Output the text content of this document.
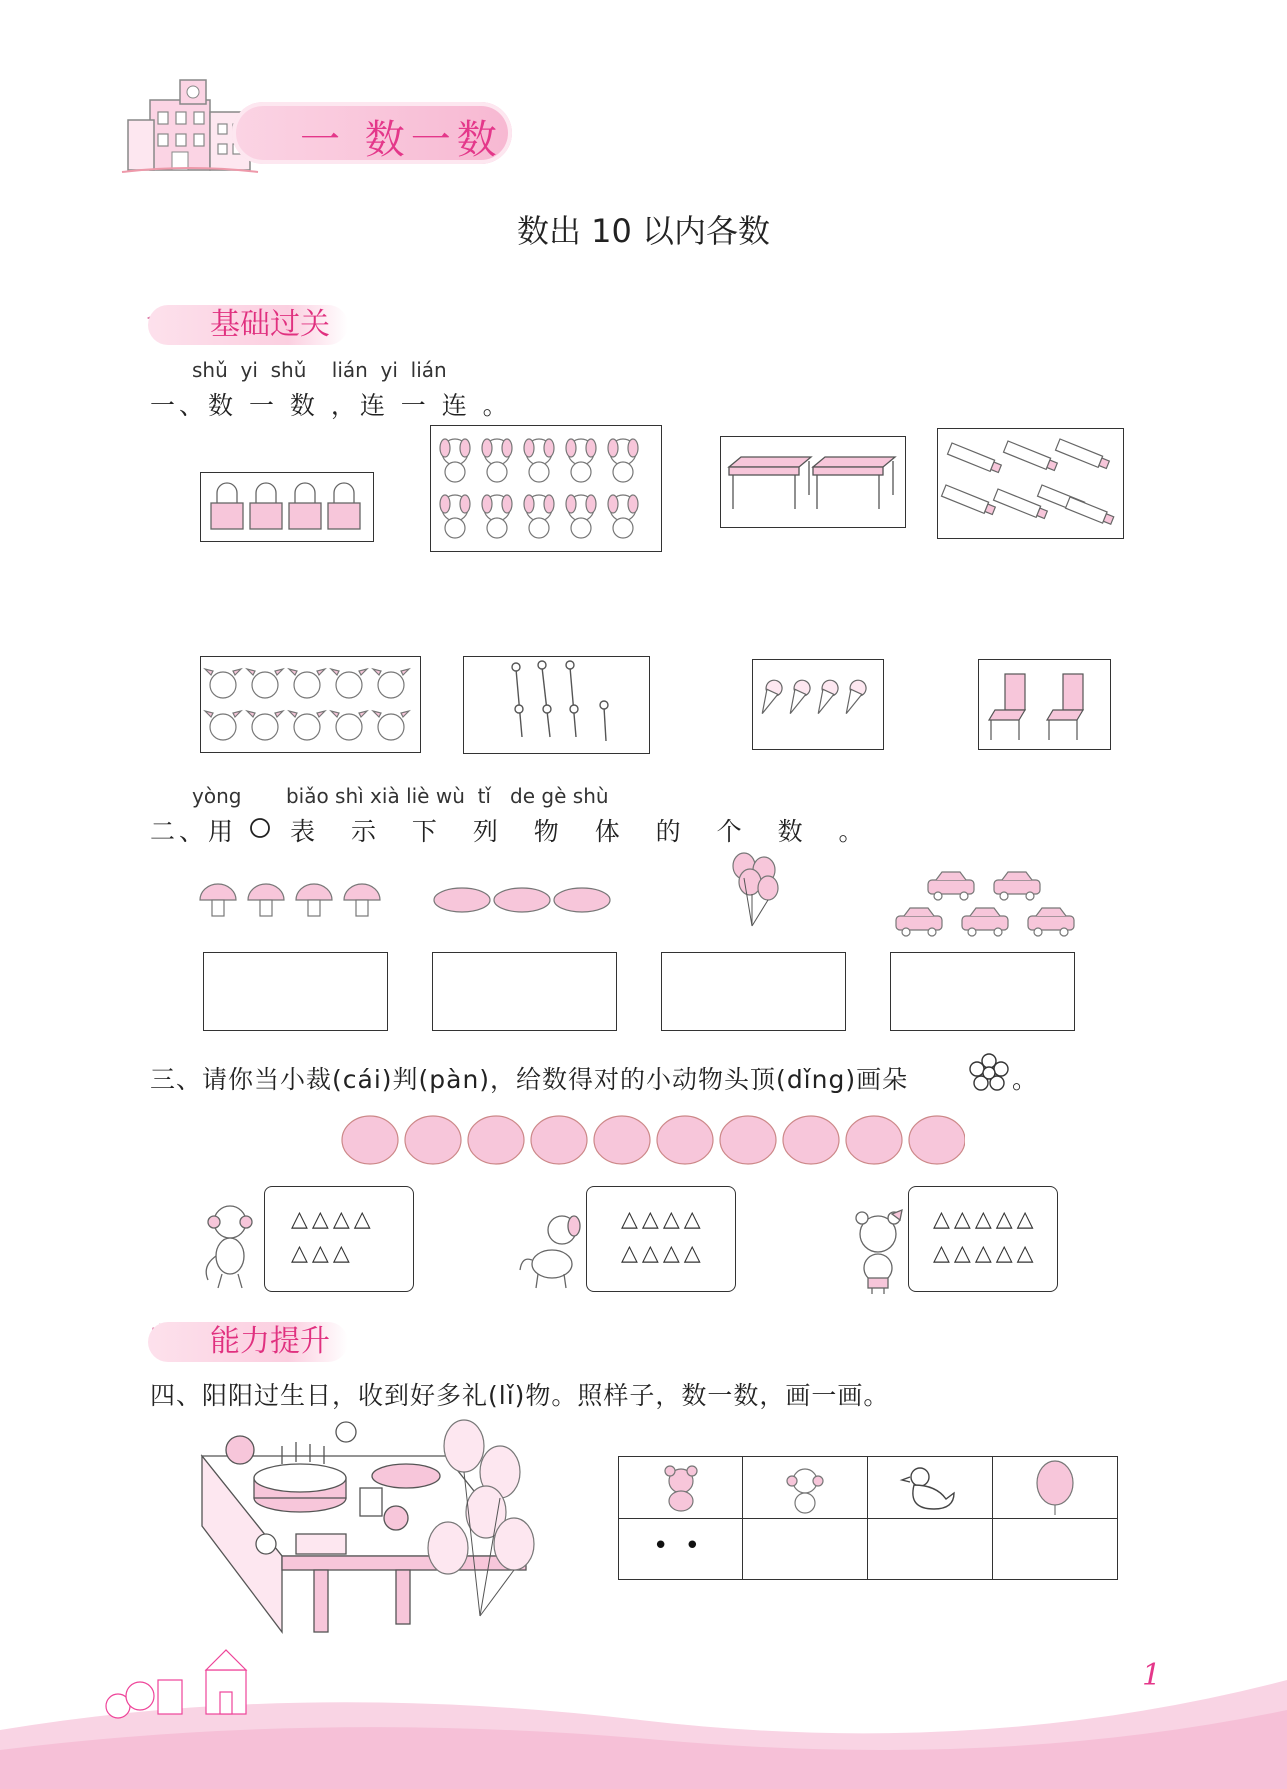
一 数一数
数出 10 以内各数
基础过关
shǔ  yi  shǔ    lián  yi  lián
一、数 一 数 ，连 一 连 。
yòng       biǎo shì xià liè wù  tǐ   de gè shù
二、用 表 示 下 列 物 体 的 个 数 。
三、请你当小裁(cái)判(pàn)，给数得对的小动物头顶(dǐng)画朵	。
△△△△
△△△
△△△△
△△△△
△△△△△
△△△△△
能力提升
四、阳阳过生日，收到好多礼(lǐ)物。照样子，数一数，画一画。
• •
1
